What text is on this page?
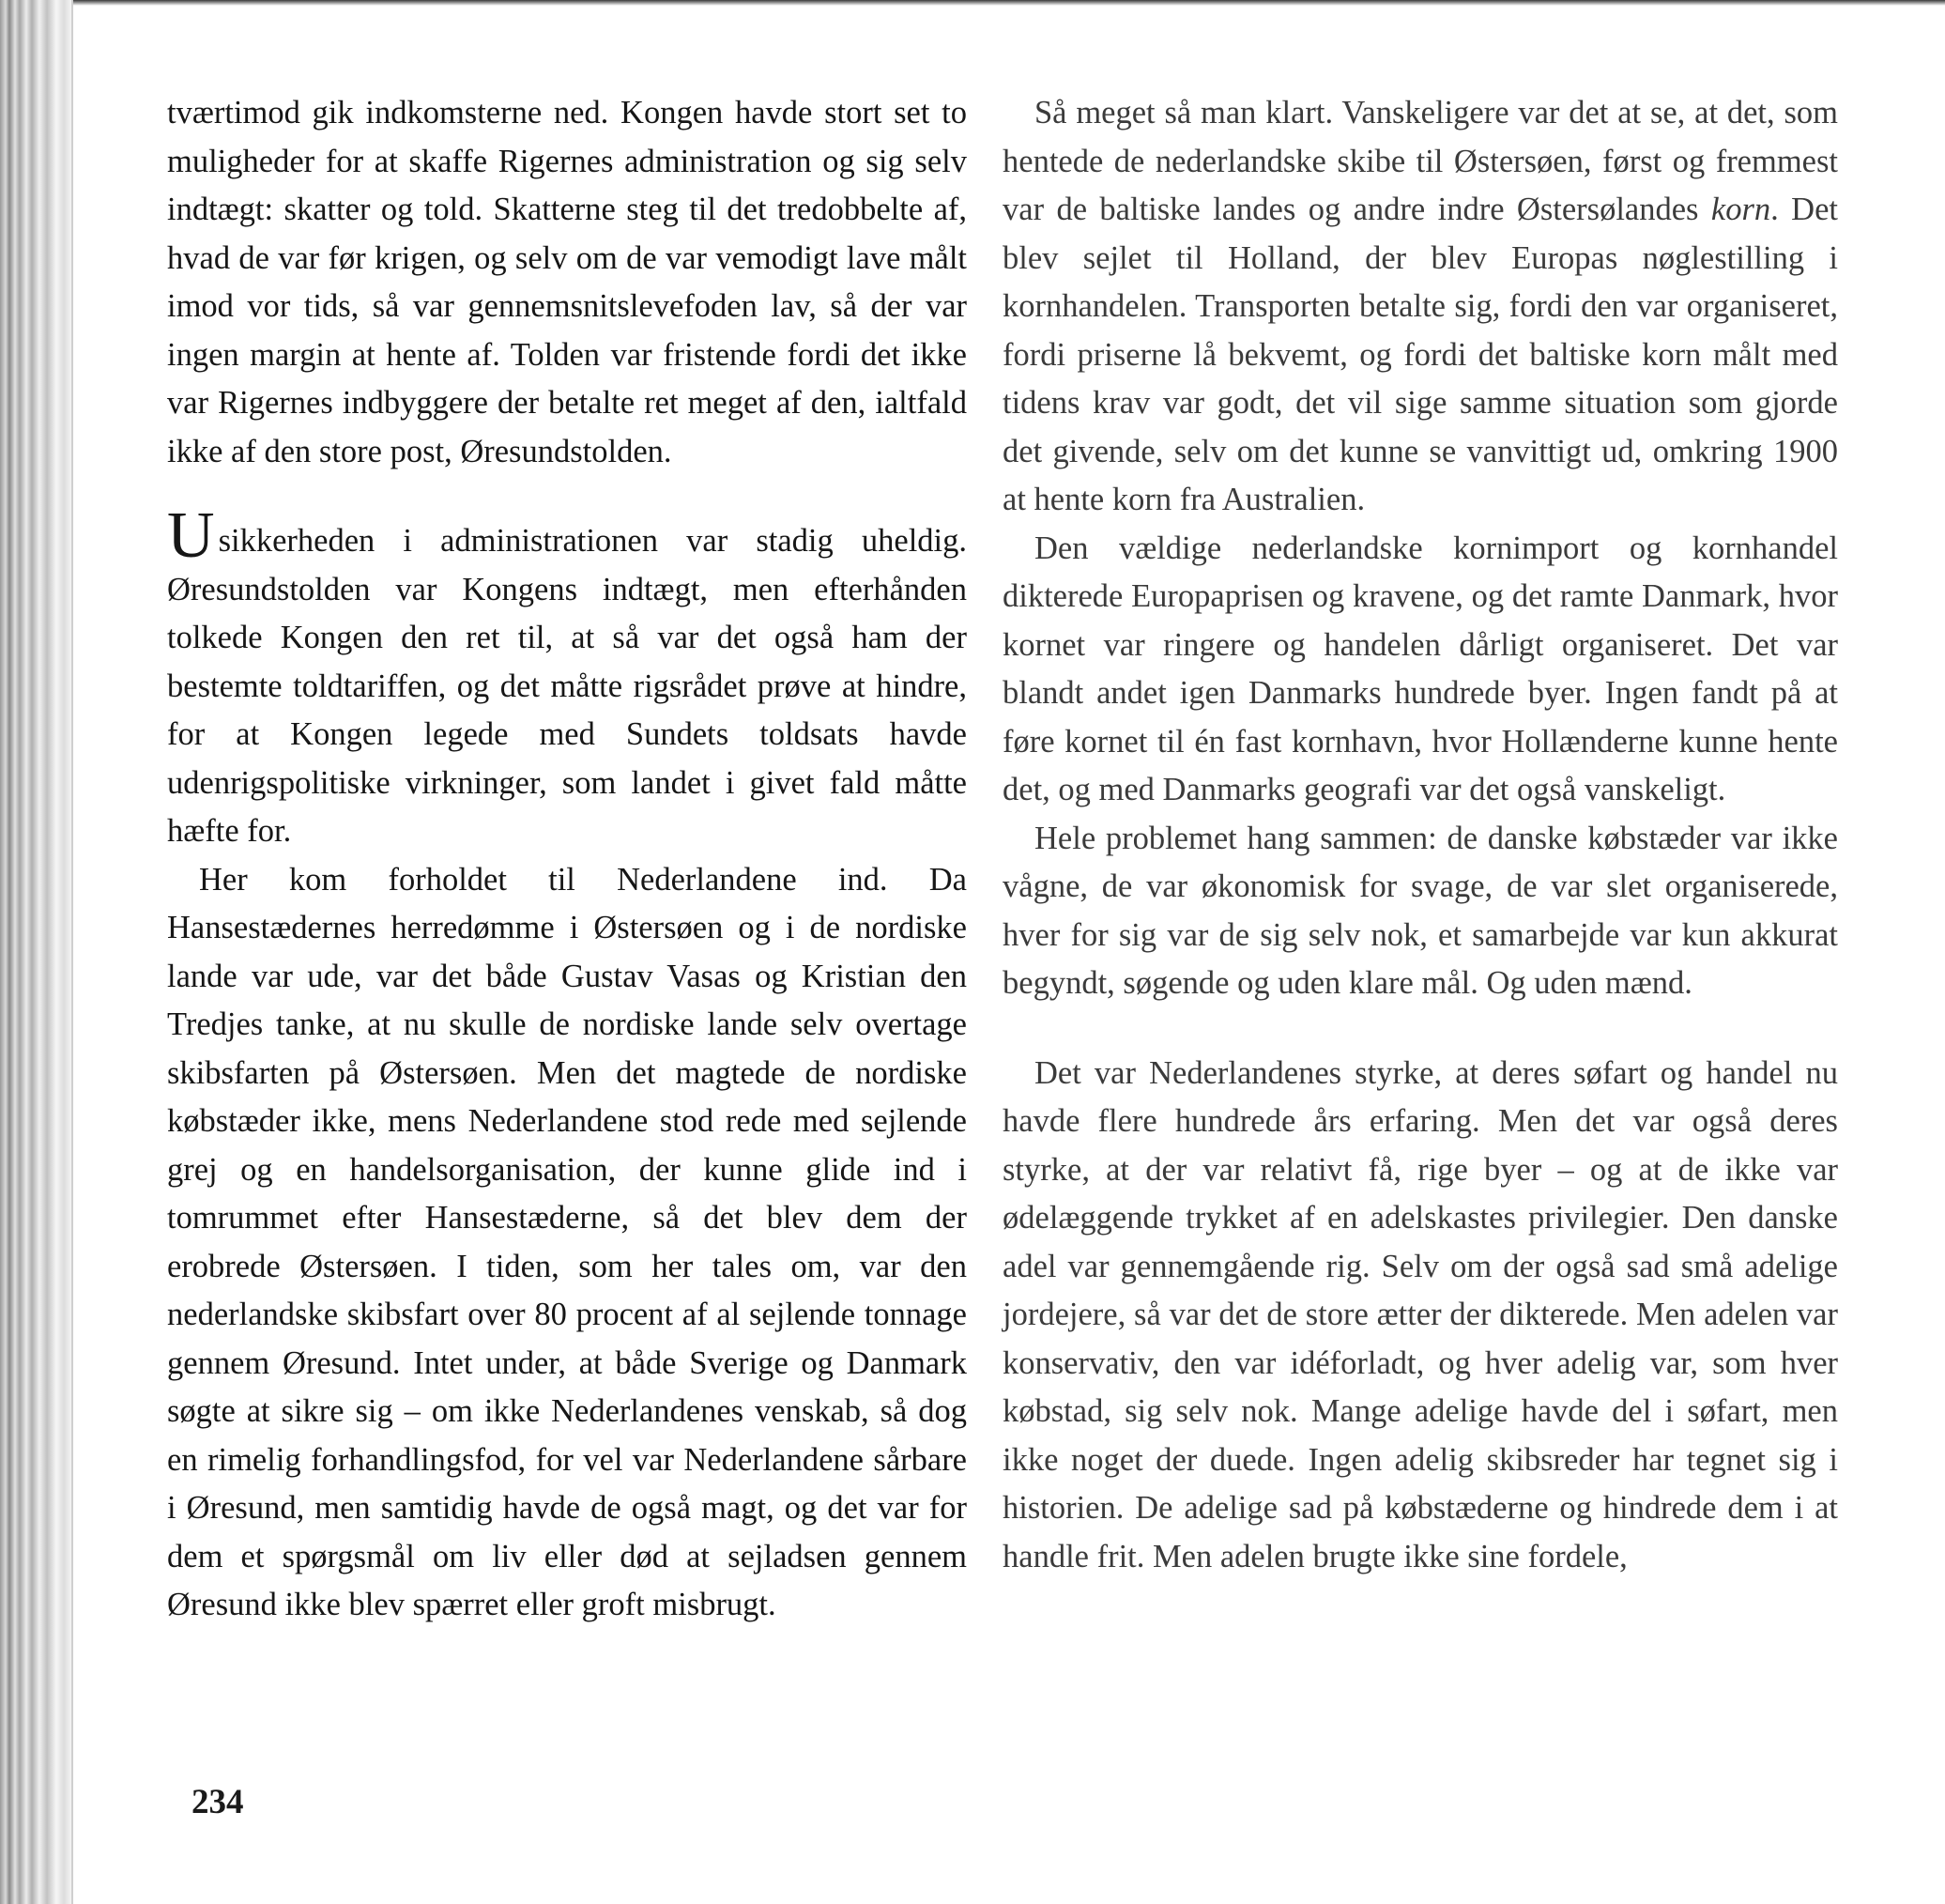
tværtimod gik indkomsterne ned. Kongen havde stort set to muligheder for at skaffe Rigernes administration og sig selv indtægt: skatter og told. Skatterne steg til det tredobbelte af, hvad de var før krigen, og selv om de var vemodigt lave målt imod vor tids, så var gennemsnitslevefoden lav, så der var ingen margin at hente af. Tolden var fristende fordi det ikke var Rigernes indbyggere der betalte ret meget af den, ialtfald ikke af den store post, Øresundstolden.

Usikkerheden i administrationen var stadig uheldig. Øresundstolden var Kongens indtægt, men efterhånden tolkede Kongen den ret til, at så var det også ham der bestemte toldtariffen, og det måtte rigsrådet prøve at hindre, for at Kongen legede med Sundets toldsats havde udenrigspolitiske virkninger, som landet i givet fald måtte hæfte for.

Her kom forholdet til Nederlandene ind. Da Hansestædernes herredømme i Østersøen og i de nordiske lande var ude, var det både Gustav Vasas og Kristian den Tredjes tanke, at nu skulle de nordiske lande selv overtage skibsfarten på Østersøen. Men det magtede de nordiske købstæder ikke, mens Nederlandene stod rede med sejlende grej og en handelsorganisation, der kunne glide ind i tomrummet efter Hansestæderne, så det blev dem der erobrede Østersøen. I tiden, som her tales om, var den nederlandske skibsfart over 80 procent af al sejlende tonnage gennem Øresund. Intet under, at både Sverige og Danmark søgte at sikre sig – om ikke Nederlandenes venskab, så dog en rimelig forhandlingsfod, for vel var Nederlandene sårbare i Øresund, men samtidig havde de også magt, og det var for dem et spørgsmål om liv eller død at sejladsen gennem Øresund ikke blev spærret eller groft misbrugt.

Så meget så man klart. Vanskeligere var det at se, at det, som hentede de nederlandske skibe til Østersøen, først og fremmest var de baltiske landes og andre indre Østersølandes korn. Det blev sejlet til Holland, der blev Europas nøglestilling i kornhandelen. Transporten betalte sig, fordi den var organiseret, fordi priserne lå bekvemt, og fordi det baltiske korn målt med tidens krav var godt, det vil sige samme situation som gjorde det givende, selv om det kunne se vanvittigt ud, omkring 1900 at hente korn fra Australien.

Den vældige nederlandske kornimport og kornhandel dikterede Europaprisen og kravene, og det ramte Danmark, hvor kornet var ringere og handelen dårligt organiseret. Det var blandt andet igen Danmarks hundrede byer. Ingen fandt på at føre kornet til én fast kornhavn, hvor Hollænderne kunne hente det, og med Danmarks geografi var det også vanskeligt.

Hele problemet hang sammen: de danske købstæder var ikke vågne, de var økonomisk for svage, de var slet organiserede, hver for sig var de sig selv nok, et samarbejde var kun akkurat begyndt, søgende og uden klare mål. Og uden mænd.

Det var Nederlandenes styrke, at deres søfart og handel nu havde flere hundrede års erfaring. Men det var også deres styrke, at der var relativt få, rige byer – og at de ikke var ødelæggende trykket af en adelskastes privilegier. Den danske adel var gennemgående rig. Selv om der også sad små adelige jordejere, så var det de store ætter der dikterede. Men adelen var konservativ, den var idéforladt, og hver adelig var, som hver købstad, sig selv nok. Mange adelige havde del i søfart, men ikke noget der duede. Ingen adelig skibsreder har tegnet sig i historien. De adelige sad på købstæderne og hindrede dem i at handle frit. Men adelen brugte ikke sine fordele,

234
